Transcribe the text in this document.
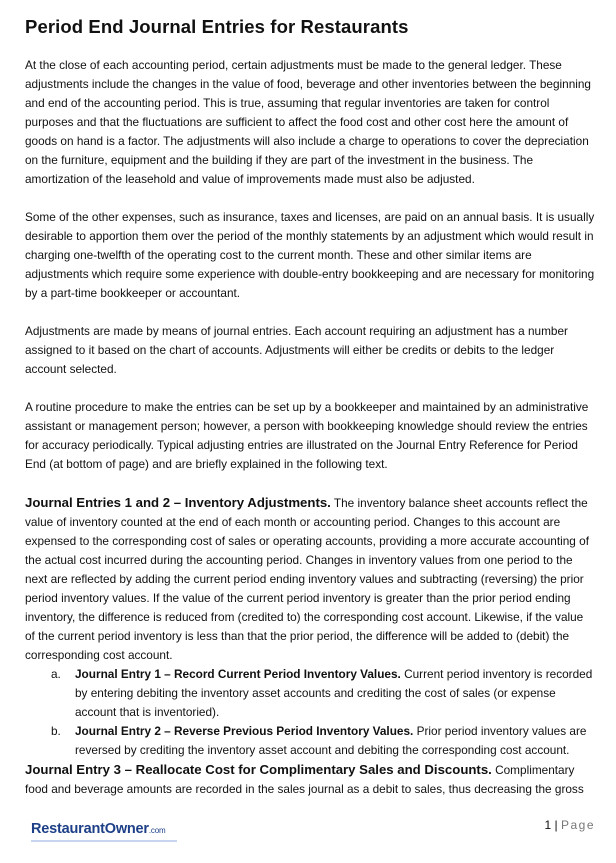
Period End Journal Entries for Restaurants

At the close of each accounting period, certain adjustments must be made to the general ledger. These adjustments include the changes in the value of food, beverage and other inventories between the beginning and end of the accounting period. This is true, assuming that regular inventories are taken for control purposes and that the fluctuations are sufficient to affect the food cost and other cost here the amount of goods on hand is a factor. The adjustments will also include a charge to operations to cover the depreciation on the furniture, equipment and the building if they are part of the investment in the business. The amortization of the leasehold and value of improvements made must also be adjusted.

Some of the other expenses, such as insurance, taxes and licenses, are paid on an annual basis. It is usually desirable to apportion them over the period of the monthly statements by an adjustment which would result in charging one-twelfth of the operating cost to the current month. These and other similar items are adjustments which require some experience with double-entry bookkeeping and are necessary for monitoring by a part-time bookkeeper or accountant.

Adjustments are made by means of journal entries. Each account requiring an adjustment has a number assigned to it based on the chart of accounts. Adjustments will either be credits or debits to the ledger account selected.

A routine procedure to make the entries can be set up by a bookkeeper and maintained by an administrative assistant or management person; however, a person with bookkeeping knowledge should review the entries for accuracy periodically. Typical adjusting entries are illustrated on the Journal Entry Reference for Period End (at bottom of page) and are briefly explained in the following text.

Journal Entries 1 and 2 – Inventory Adjustments. The inventory balance sheet accounts reflect the value of inventory counted at the end of each month or accounting period. Changes to this account are expensed to the corresponding cost of sales or operating accounts, providing a more accurate accounting of the actual cost incurred during the accounting period. Changes in inventory values from one period to the next are reflected by adding the current period ending inventory values and subtracting (reversing) the prior period inventory values. If the value of the current period inventory is greater than the prior period ending inventory, the difference is reduced from (credited to) the corresponding cost account. Likewise, if the value of the current period inventory is less than that the prior period, the difference will be added to (debit) the corresponding cost account.

a.	Journal Entry 1 – Record Current Period Inventory Values. Current period inventory is recorded by entering debiting the inventory asset accounts and crediting the cost of sales (or expense account that is inventoried).
b.	Journal Entry 2 – Reverse Previous Period Inventory Values. Prior period inventory values are reversed by crediting the inventory asset account and debiting the corresponding cost account.

Journal Entry 3 – Reallocate Cost for Complimentary Sales and Discounts. Complimentary food and beverage amounts are recorded in the sales journal as a debit to sales, thus decreasing the gross

RestaurantOwner.com	1 | Page
